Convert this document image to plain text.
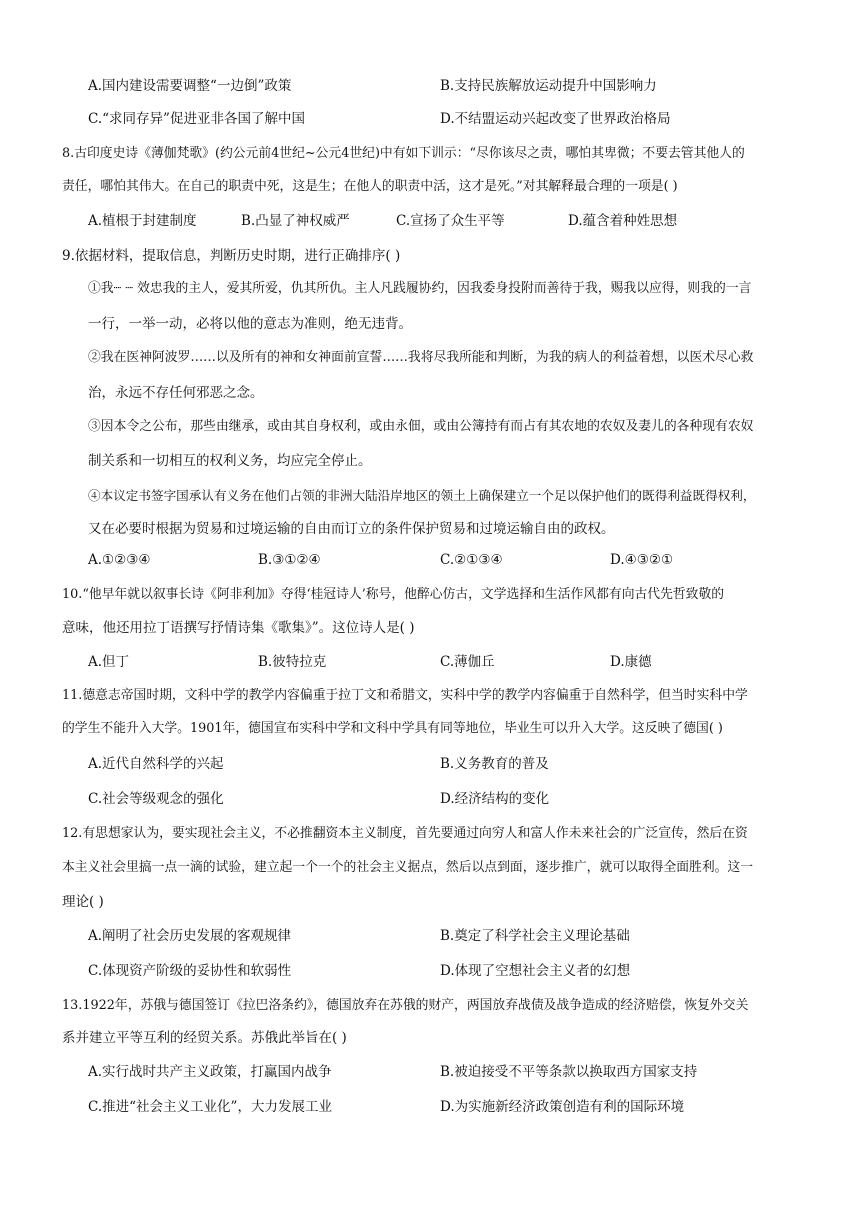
A.国内建设需要调整“一边倒”政策	B.支持民族解放运动提升中国影响力
C.“求同存异”促进亚非各国了解中国	D.不结盟运动兴起改变了世界政治格局
8.古印度史诗《薄伽梵歌》(约公元前4世纪~公元4世纪)中有如下训示：“尽你该尽之责，哪怕其卑微；不要去管其他人的
责任，哪怕其伟大。在自己的职责中死，这是生；在他人的职责中活，这才是死。”对其解释最合理的一项是( )
A.植根于封建制度	B.凸显了神权威严	C.宣扬了众生平等	D.蕴含着种姓思想
9.依据材料，提取信息，判断历史时期，进行正确排序( )
①我┈ ┈ 效忠我的主人，爱其所爱，仇其所仇。主人凡践履协约，因我委身投附而善待于我，赐我以应得，则我的一言
一行，一举一动，必将以他的意志为准则，绝无违背。
②我在医神阿波罗……以及所有的神和女神面前宣誓……我将尽我所能和判断，为我的病人的利益着想，以医术尽心救
治，永远不存任何邪恶之念。
③因本令之公布，那些由继承，或由其自身权利，或由永佃，或由公簿持有而占有其农地的农奴及妻儿的各种现有农奴
制关系和一切相互的权利义务，均应完全停止。
④本议定书签字国承认有义务在他们占领的非洲大陆沿岸地区的领土上确保建立一个足以保护他们的既得利益既得权利，
又在必要时根据为贸易和过境运输的自由而订立的条件保护贸易和过境运输自由的政权。
A.①②③④	B.③①②④	C.②①③④	D.④③②①
10.“他早年就以叙事长诗《阿非利加》夺得‘桂冠诗人’称号，他醉心仿古，文学选择和生活作风都有向古代先哲致敬的
意味，他还用拉丁语撰写抒情诗集《歌集》”。这位诗人是( )
A.但丁	B.彼特拉克	C.薄伽丘	D.康德
11.德意志帝国时期，文科中学的教学内容偏重于拉丁文和希腊文，实科中学的教学内容偏重于自然科学，但当时实科中学
的学生不能升入大学。1901年，德国宣布实科中学和文科中学具有同等地位，毕业生可以升入大学。这反映了德国( )
A.近代自然科学的兴起	B.义务教育的普及
C.社会等级观念的强化	D.经济结构的变化
12.有思想家认为，要实现社会主义，不必推翻资本主义制度，首先要通过向穷人和富人作未来社会的广泛宣传，然后在资
本主义社会里搞一点一滴的试验，建立起一个一个的社会主义据点，然后以点到面，逐步推广，就可以取得全面胜利。这一
理论( )
A.阐明了社会历史发展的客观规律	B.奠定了科学社会主义理论基础
C.体现资产阶级的妥协性和软弱性	D.体现了空想社会主义者的幻想
13.1922年，苏俄与德国签订《拉巴洛条约》，德国放弃在苏俄的财产，两国放弃战债及战争造成的经济赔偿，恢复外交关
系并建立平等互利的经贸关系。苏俄此举旨在( )
A.实行战时共产主义政策，打赢国内战争	B.被迫接受不平等条款以换取西方国家支持
C.推进“社会主义工业化”，大力发展工业	D.为实施新经济政策创造有利的国际环境
